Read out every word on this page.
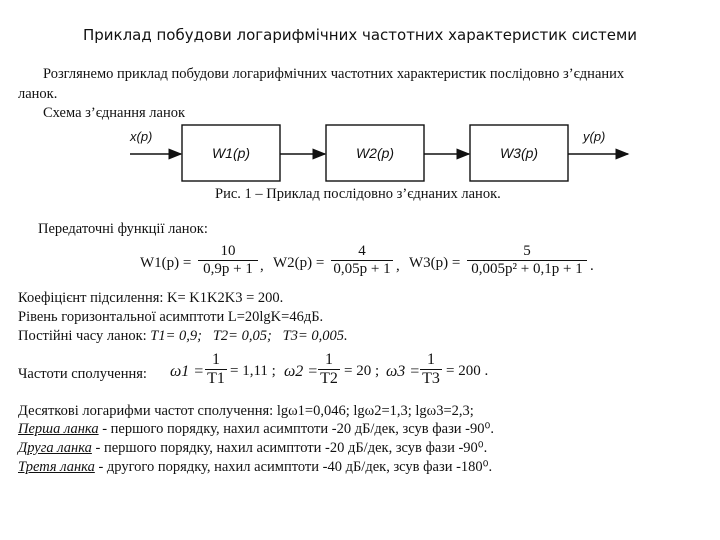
Приклад побудови логарифмічних частотних характеристик системи
Розглянемо приклад побудови логарифмічних частотних характеристик послідовно з’єднаних
ланок.
Схема з’єднання ланок
x(p)	y(p)
W1(p)	W2(p)	W3(p)
Рис. 1 – Приклад послідовно з’єднаних ланок.
Передаточні функції ланок:
$W1(p) = \frac{10}{0,9p + 1}$ , $W2(p) = \frac{4}{0,05p + 1}$ , $W3(p) = \frac{5}{\text{0,005p² + 0,1p + 1}}$ .
Коефіцієнт підсилення: K= K1K2K3 = 200.
Рівень горизонтальної асимптоти L=20lgK=46дБ.
Постійні часу ланок: T1= 0,9; T2= 0,05; T3= 0,005.
Частоти сполучення: $\omega 1 = \frac{1}{T1} = 1,11$ ; $\omega 2 = \frac{1}{T2} = 20$ ; $\omega 3 = \frac{1}{T3} = 200$ .
Десяткові логарифми частот сполучення: lgω1=0,046; lgω2=1,3; lgω3=2,3;
Перша ланка - першого порядку, нахил асимптоти -20 дБ/дек, зсув фази -90⁰.
Друга ланка - першого порядку, нахил асимптоти -20 дБ/дек, зсув фази -90⁰.
Третя ланка - другого порядку, нахил асимптоти -40 дБ/дек, зсув фази -180⁰.
